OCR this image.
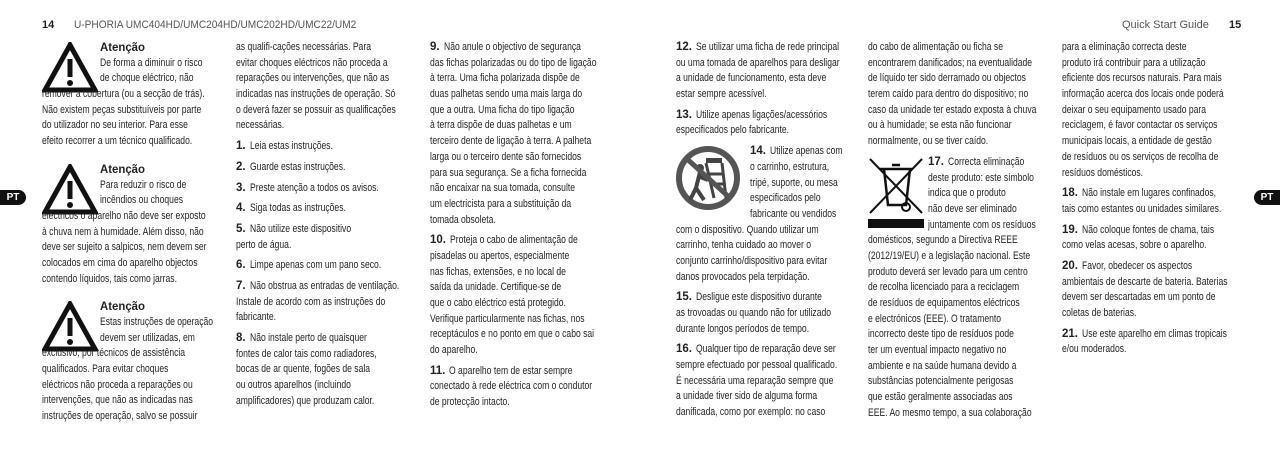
14 U-PHORIA UMC404HD/UMC204HD/UMC202HD/UMC22/UM2	Quick Start Guide 15
PT	PT
Atenção
De forma a diminuir o risco
de choque eléctrico, não
remover a cobertura (ou a secção de trás).
Não existem peças substituíveis por parte
do utilizador no seu interior. Para esse
efeito recorrer a um técnico qualificado.
Atenção
Para reduzir o risco de
incêndios ou choques
eléctricos o aparelho não deve ser exposto
à chuva nem à humidade. Além disso, não
deve ser sujeito a salpicos, nem devem ser
colocados em cima do aparelho objectos
contendo líquidos, tais como jarras.
Atenção
Estas instruções de operação
devem ser utilizadas, em
exclusivo, por técnicos de assistência
qualificados. Para evitar choques
eléctricos não proceda a reparações ou
intervenções, que não as indicadas nas
instruções de operação, salvo se possuir
as qualifi-cações necessárias. Para
evitar choques eléctricos não proceda a
reparações ou intervenções, que não as
indicadas nas instruções de operação. Só
o deverá fazer se possuir as qualificações
necessárias.
1. Leia estas instruções.
2. Guarde estas instruções.
3. Preste atenção a todos os avisos.
4. Siga todas as instruções.
5. Não utilize este dispositivo
perto de água.
6. Limpe apenas com um pano seco.
7. Não obstrua as entradas de ventilação.
Instale de acordo com as instruções do
fabricante.
8. Não instale perto de quaisquer
fontes de calor tais como radiadores,
bocas de ar quente, fogões de sala
ou outros aparelhos (incluindo
amplificadores) que produzam calor.
9. Não anule o objectivo de segurança
das fichas polarizadas ou do tipo de ligação
à terra. Uma ficha polarizada dispõe de
duas palhetas sendo uma mais larga do
que a outra. Uma ficha do tipo ligação
à terra dispõe de duas palhetas e um
terceiro dente de ligação à terra. A palheta
larga ou o terceiro dente são fornecidos
para sua segurança. Se a ficha fornecida
não encaixar na sua tomada, consulte
um electricista para a substituição da
tomada obsoleta.
10. Proteja o cabo de alimentação de
pisadelas ou apertos, especialmente
nas fichas, extensões, e no local de
saída da unidade. Certifique-se de
que o cabo eléctrico está protegido.
Verifique particularmente nas fichas, nos
receptáculos e no ponto em que o cabo sai
do aparelho.
11. O aparelho tem de estar sempre
conectado à rede eléctrica com o condutor
de protecção intacto.
12. Se utilizar uma ficha de rede principal
ou uma tomada de aparelhos para desligar
a unidade de funcionamento, esta deve
estar sempre acessível.
13. Utilize apenas ligações/acessórios
especificados pelo fabricante.
14. Utilize apenas com
o carrinho, estrutura,
tripé, suporte, ou mesa
especificados pelo
fabricante ou vendidos
com o dispositivo. Quando utilizar um
carrinho, tenha cuidado ao mover o
conjunto carrinho/dispositivo para evitar
danos provocados pela terpidação.
15. Desligue este dispositivo durante
as trovoadas ou quando não for utilizado
durante longos períodos de tempo.
16. Qualquer tipo de reparação deve ser
sempre efectuado por pessoal qualificado.
É necessária uma reparação sempre que
a unidade tiver sido de alguma forma
danificada, como por exemplo: no caso
do cabo de alimentação ou ficha se
encontrarem danificados; na eventualidade
de líquido ter sido derramado ou objectos
terem caído para dentro do dispositivo; no
caso da unidade ter estado exposta à chuva
ou à humidade; se esta não funcionar
normalmente, ou se tiver caído.
17. Correcta eliminação
deste produto: este símbolo
indica que o produto
não deve ser eliminado
juntamente com os resíduos
domésticos, segundo a Directiva REEE
(2012/19/EU) e a legislação nacional. Este
produto deverá ser levado para um centro
de recolha licenciado para a reciclagem
de resíduos de equipamentos eléctricos
e electrónicos (EEE). O tratamento
incorrecto deste tipo de resíduos pode
ter um eventual impacto negativo no
ambiente e na saúde humana devido a
substâncias potencialmente perigosas
que estão geralmente associadas aos
EEE. Ao mesmo tempo, a sua colaboração
para a eliminação correcta deste
produto irá contribuir para a utilização
eficiente dos recursos naturais. Para mais
informação acerca dos locais onde poderá
deixar o seu equipamento usado para
reciclagem, é favor contactar os serviços
municipais locais, a entidade de gestão
de resíduos ou os serviços de recolha de
resíduos domésticos.
18. Não instale em lugares confinados,
tais como estantes ou unidades similares.
19. Não coloque fontes de chama, tais
como velas acesas, sobre o aparelho.
20. Favor, obedecer os aspectos
ambientais de descarte de bateria. Baterias
devem ser descartadas em um ponto de
coletas de baterias.
21. Use este aparelho em climas tropicais
e/ou moderados.
